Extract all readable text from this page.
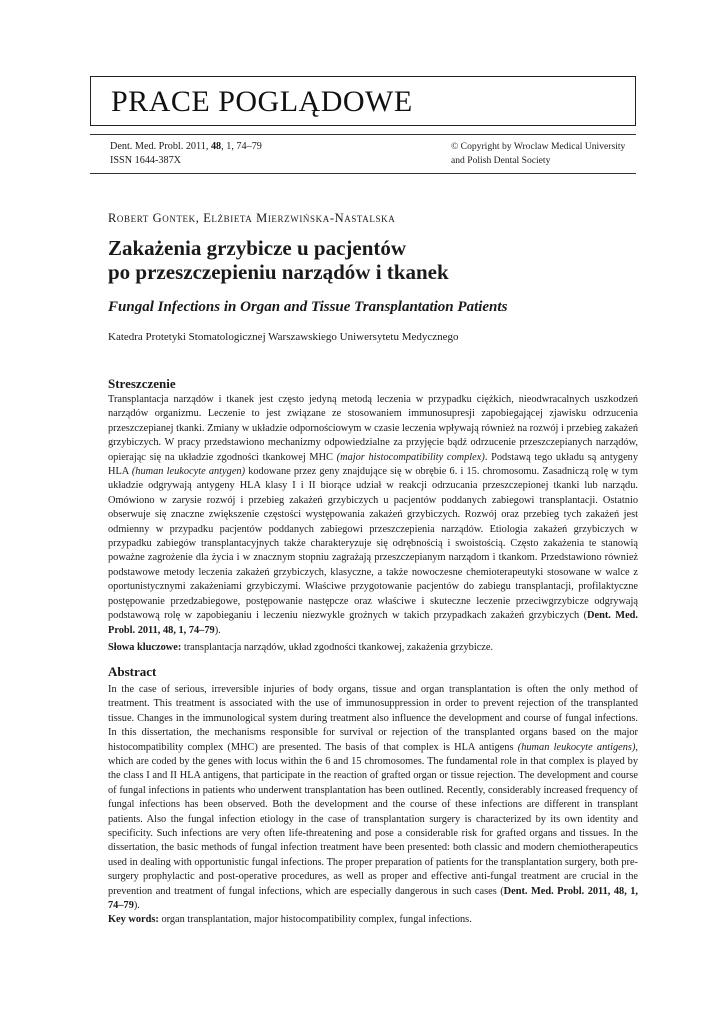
PRACE POGLĄDOWE
Dent. Med. Probl. 2011, 48, 1, 74–79
ISSN 1644-387X
© Copyright by Wroclaw Medical University
and Polish Dental Society
Robert Gontek, Elżbieta Mierzwińska-Nastalska
Zakażenia grzybicze u pacjentów
po przeszczepieniu narządów i tkanek
Fungal Infections in Organ and Tissue Transplantation Patients
Katedra Protetyki Stomatologicznej Warszawskiego Uniwersytetu Medycznego
Streszczenie
Transplantacja narządów i tkanek jest często jedyną metodą leczenia w przypadku ciężkich, nieodwracalnych uszkodzeń narządów organizmu. Leczenie to jest związane ze stosowaniem immunosupresji zapobiegającej zjawisku odrzucenia przeszczepianej tkanki. Zmiany w układzie odpornościowym w czasie leczenia wpływają również na rozwój i przebieg zakażeń grzybiczych. W pracy przedstawiono mechanizmy odpowiedzialne za przyjęcie bądź odrzucenie przeszczepianych narządów, opierając się na układzie zgodności tkankowej MHC (major histocompatibility complex). Podstawą tego układu są antygeny HLA (human leukocyte antygen) kodowane przez geny znajdujące się w obrębie 6. i 15. chromosomu. Zasadniczą rolę w tym układzie odgrywają antygeny HLA klasy I i II biorące udział w reakcji odrzucania przeszczepionej tkanki lub narządu. Omówiono w zarysie rozwój i przebieg zakażeń grzybiczych u pacjentów poddanych zabiegowi transplantacji. Ostatnio obserwuje się znaczne zwiększenie częstości występowania zakażeń grzybiczych. Rozwój oraz przebieg tych zakażeń jest odmienny w przypadku pacjentów poddanych zabiegowi przeszczepienia narządów. Etiologia zakażeń grzybiczych w przypadku zabiegów transplantacyjnych także charakteryzuje się odrębnością i swoistością. Często zakażenia te stanowią poważne zagrożenie dla życia i w znacznym stopniu zagrażają przeszczepianym narządom i tkankom. Przedstawiono również podstawowe metody leczenia zakażeń grzybiczych, klasyczne, a także nowoczesne chemioterapeutyki stosowane w walce z oportunistycznymi zakażeniami grzybiczymi. Właściwe przygotowanie pacjentów do zabiegu transplantacji, profilaktyczne postępowanie przedzabiegowe, postępowanie następcze oraz właściwe i skuteczne leczenie przeciwgrzybicze odgrywają podstawową rolę w zapobieganiu i leczeniu niezwykle groźnych w takich przypadkach zakażeń grzybiczych (Dent. Med. Probl. 2011, 48, 1, 74–79).
Słowa kluczowe: transplantacja narządów, układ zgodności tkankowej, zakażenia grzybicze.
Abstract
In the case of serious, irreversible injuries of body organs, tissue and organ transplantation is often the only method of treatment. This treatment is associated with the use of immunosuppression in order to prevent rejection of the transplanted tissue. Changes in the immunological system during treatment also influence the development and course of fungal infections. In this dissertation, the mechanisms responsible for survival or rejection of the transplanted organs based on the major histocompatibility complex (MHC) are presented. The basis of that complex is HLA antigens (human leukocyte antigens), which are coded by the genes with locus within the 6 and 15 chromosomes. The fundamental role in that complex is played by the class I and II HLA antigens, that participate in the reaction of grafted organ or tissue rejection. The development and course of fungal infections in patients who underwent transplantation has been outlined. Recently, considerably increased frequency of fungal infections has been observed. Both the development and the course of these infections are different in transplant patients. Also the fungal infection etiology in the case of transplantation surgery is characterized by its own identity and specificity. Such infections are very often life-threatening and pose a considerable risk for grafted organs and tissues. In the dissertation, the basic methods of fungal infection treatment have been presented: both classic and modern chemiotherapeutics used in dealing with opportunistic fungal infections. The proper preparation of patients for the transplantation surgery, both pre-surgery prophylactic and post-operative procedures, as well as proper and effective anti-fungal treatment are crucial in the prevention and treatment of fungal infections, which are especially dangerous in such cases (Dent. Med. Probl. 2011, 48, 1, 74–79).
Key words: organ transplantation, major histocompatibility complex, fungal infections.
